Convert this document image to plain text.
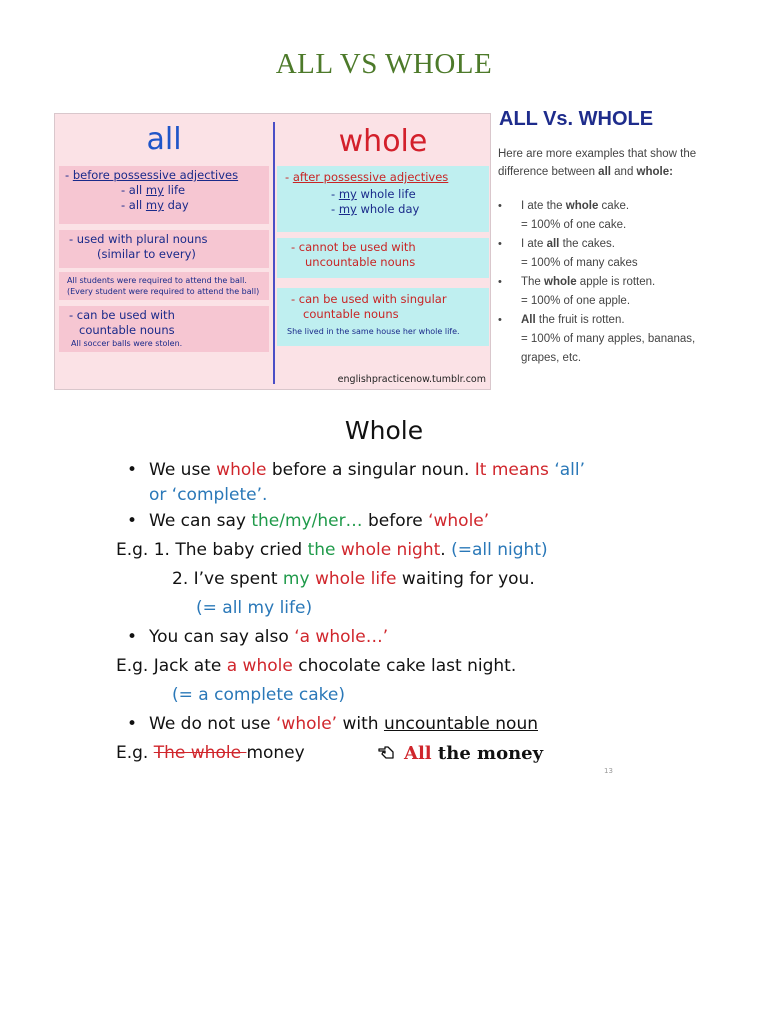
ALL VS WHOLE
all	whole
- before possessive adjectives
- all my life
- all my day
- used with plural nouns
(similar to every)
All students were required to attend the ball.
(Every student were required to attend the ball)
- can be used with
countable nouns
All soccer balls were stolen.
- after possessive adjectives
- my whole life
- my whole day
- cannot be used with
uncountable nouns
- can be used with singular
countable nouns
She lived in the same house her whole life.
englishpracticenow.tumblr.com
ALL Vs. WHOLE
Here are more examples that show the difference between all and whole:
•	I ate the whole cake.
= 100% of one cake.
•	I ate all the cakes.
= 100% of many cakes
•	The whole apple is rotten.
= 100% of one apple.
•	All the fruit is rotten.
= 100% of many apples, bananas,
grapes, etc.
Whole
• We use whole before a singular noun. It means ‘all’
or ‘complete’.
• We can say the/my/her… before ‘whole’
E.g. 1. The baby cried the whole night. (=all night)
2. I’ve spent my whole life waiting for you.
(= all my life)
• You can say also ‘a whole…’
E.g. Jack ate a whole chocolate cake last night.
(= a complete cake)
• We do not use ‘whole’ with uncountable noun
E.g. The whole money	All the money
13
